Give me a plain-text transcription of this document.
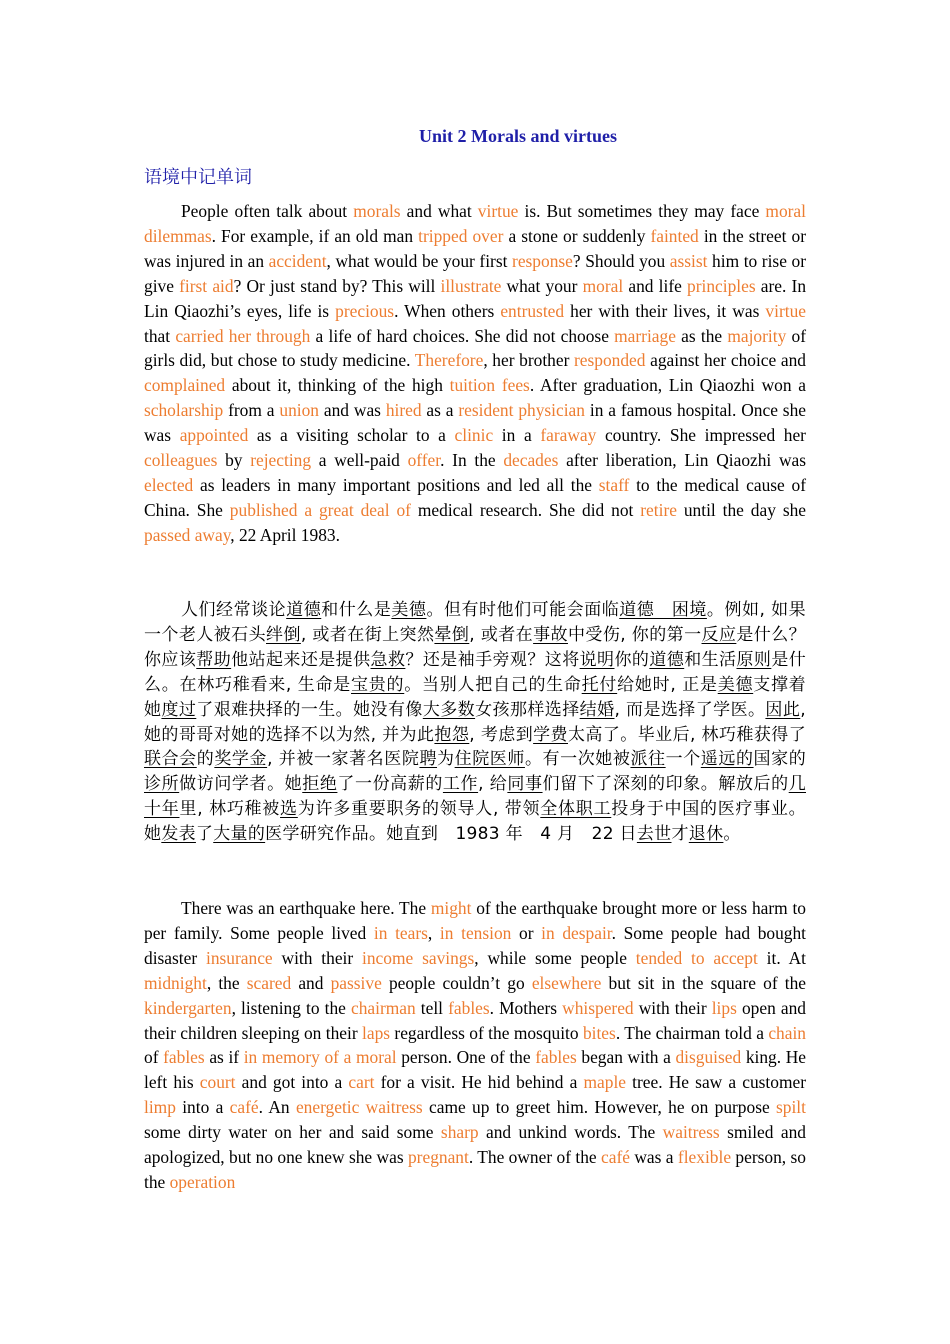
Unit 2 Morals and virtues
语境中记单词

People often talk about morals and what virtue is. But sometimes they may face moral dilemmas. For example, if an old man tripped over a stone or suddenly fainted in the street or was injured in an accident, what would be your first response? Should you assist him to rise or give first aid? Or just stand by? This will illustrate what your moral and life principles are. In Lin Qiaozhi’s eyes, life is precious. When others entrusted her with their lives, it was virtue that carried her through a life of hard choices. She did not choose marriage as the majority of girls did, but chose to study medicine. Therefore, her brother responded against her choice and complained about it, thinking of the high tuition fees. After graduation, Lin Qiaozhi won a scholarship from a union and was hired as a resident physician in a famous hospital. Once she was appointed as a visiting scholar to a clinic in a faraway country. She impressed her colleagues by rejecting a well-paid offer. In the decades after liberation, Lin Qiaozhi was elected as leaders in many important positions and led all the staff to the medical cause of China. She published a great deal of medical research. She did not retire until the day she passed away, 22 April 1983.

人们经常谈论道德和什么是美德。但有时他们可能会面临道德　困境。例如, 如果一个老人被石头绊倒, 或者在街上突然晕倒, 或者在事故中受伤, 你的第一反应是什么？你应该帮助他站起来还是提供急救？还是袖手旁观？这将说明你的道德和生活原则是什么。在林巧稚看来, 生命是宝贵的。当别人把自己的生命托付给她时, 正是美德支撑着她度过了艰难抉择的一生。她没有像大多数女孩那样选择结婚, 而是选择了学医。因此, 她的哥哥对她的选择不以为然, 并为此抱怨, 考虑到学费太高了。毕业后, 林巧稚获得了联合会的奖学金, 并被一家著名医院聘为住院医师。有一次她被派往一个遥远的国家的诊所做访问学者。她拒绝了一份高薪的工作, 给同事们留下了深刻的印象。解放后的几十年里, 林巧稚被选为许多重要职务的领导人, 带领全体职工投身于中国的医疗事业。她发表了大量的医学研究作品。她直到　1983 年　4 月　22 日去世才退休。

There was an earthquake here. The might of the earthquake brought more or less harm to per family. Some people lived in tears, in tension or in despair. Some people had bought disaster insurance with their income savings, while some people tended to accept it. At midnight, the scared and passive people couldn’t go elsewhere but sit in the square of the kindergarten, listening to the chairman tell fables. Mothers whispered with their lips open and their children sleeping on their laps regardless of the mosquito bites. The chairman told a chain of fables as if in memory of a moral person. One of the fables began with a disguised king. He left his court and got into a cart for a visit. He hid behind a maple tree. He saw a customer limp into a café. An energetic waitress came up to greet him. However, he on purpose spilt some dirty water on her and said some sharp and unkind words. The waitress smiled and apologized, but no one knew she was pregnant. The owner of the café was a flexible person, so the operation
